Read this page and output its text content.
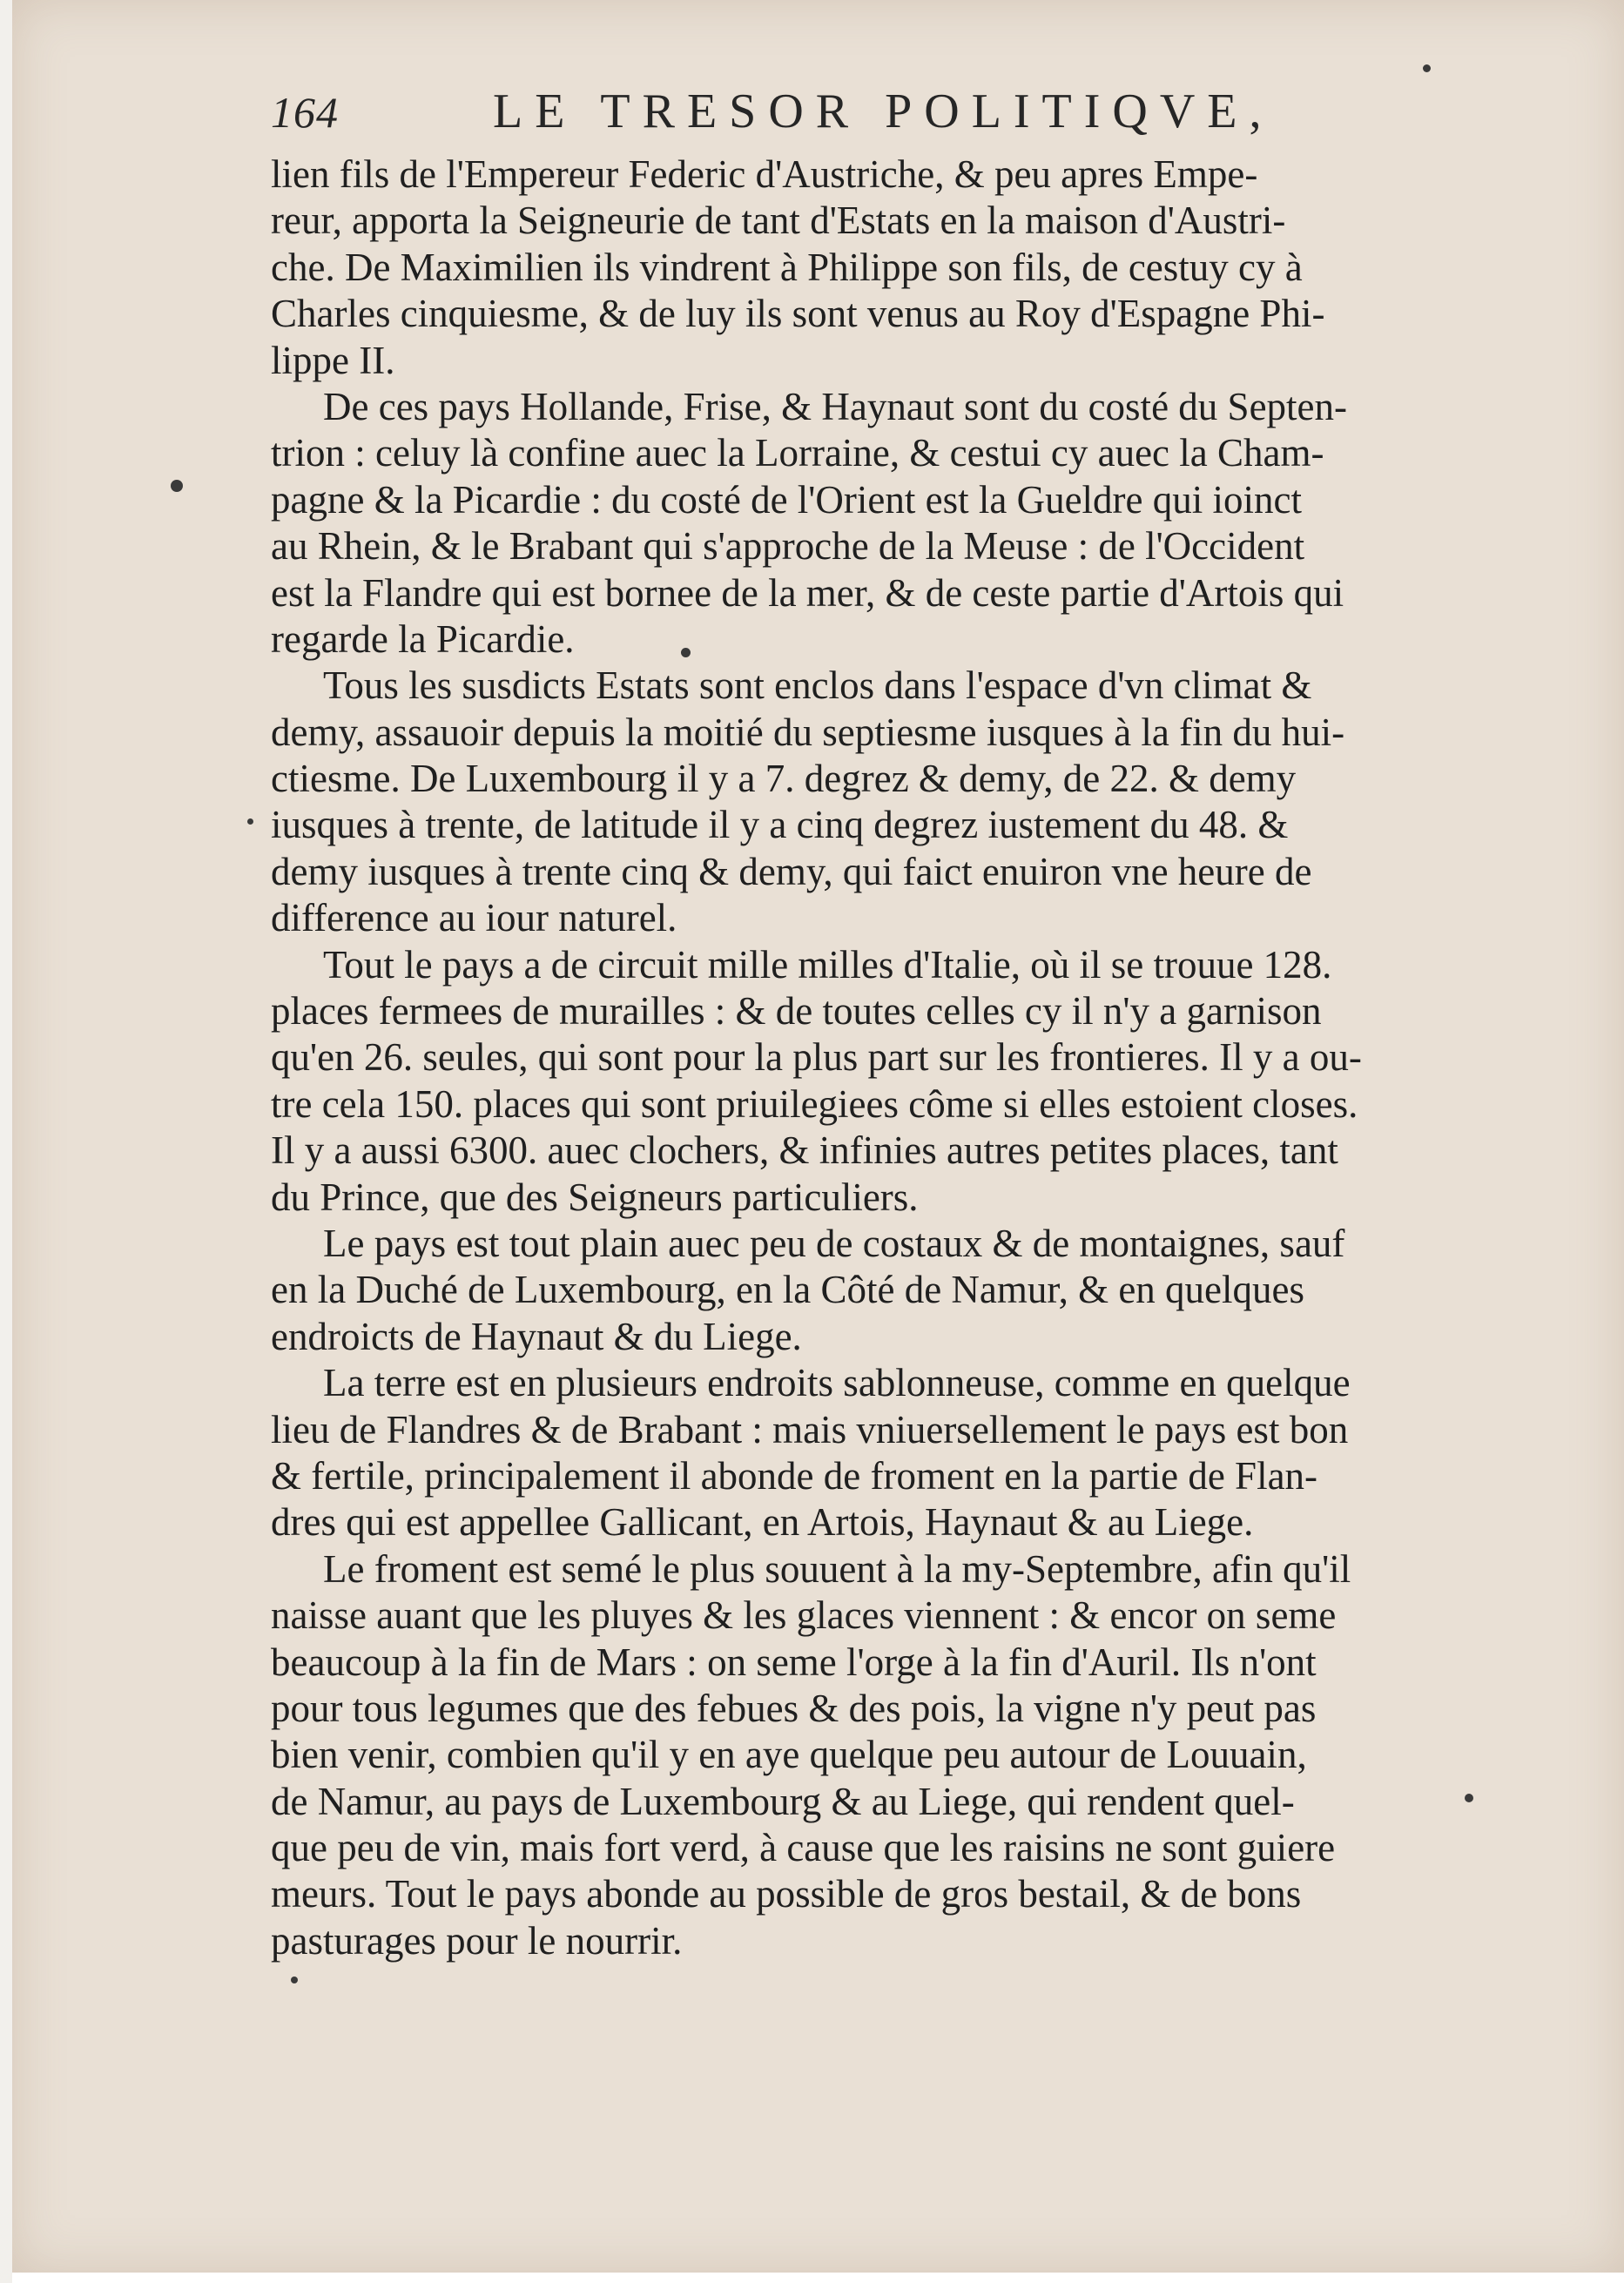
164	LE TRESOR POLITIQVE,
lien fils de l'Empereur Federic d'Austriche, & peu apres Empe-
reur, apporta la Seigneurie de tant d'Estats en la maison d'Austri-
che. De Maximilien ils vindrent à Philippe son fils, de cestuy cy à
Charles cinquiesme, & de luy ils sont venus au Roy d'Espagne Phi-
lippe II.
De ces pays Hollande, Frise, & Haynaut sont du costé du Septen-
trion : celuy là confine auec la Lorraine, & cestui cy auec la Cham-
pagne & la Picardie : du costé de l'Orient est la Gueldre qui ioinct
au Rhein, & le Brabant qui s'approche de la Meuse : de l'Occident
est la Flandre qui est bornee de la mer, & de ceste partie d'Artois qui
regarde la Picardie.
Tous les susdicts Estats sont enclos dans l'espace d'vn climat &
demy, assauoir depuis la moitié du septiesme iusques à la fin du hui-
ctiesme. De Luxembourg il y a 7. degrez & demy, de 22. & demy
iusques à trente, de latitude il y a cinq degrez iustement du 48. &
demy iusques à trente cinq & demy, qui faict enuiron vne heure de
difference au iour naturel.
Tout le pays a de circuit mille milles d'Italie, où il se trouue 128.
places fermees de murailles : & de toutes celles cy il n'y a garnison
qu'en 26. seules, qui sont pour la plus part sur les frontieres. Il y a ou-
tre cela 150. places qui sont priuilegiees côme si elles estoient closes.
Il y a aussi 6300. auec clochers, & infinies autres petites places, tant
du Prince, que des Seigneurs particuliers.
Le pays est tout plain auec peu de costaux & de montaignes, sauf
en la Duché de Luxembourg, en la Côté de Namur, & en quelques
endroicts de Haynaut & du Liege.
La terre est en plusieurs endroits sablonneuse, comme en quelque
lieu de Flandres & de Brabant : mais vniuersellement le pays est bon
& fertile, principalement il abonde de froment en la partie de Flan-
dres qui est appellee Gallicant, en Artois, Haynaut & au Liege.
Le froment est semé le plus souuent à la my-Septembre, afin qu'il
naisse auant que les pluyes & les glaces viennent : & encor on seme
beaucoup à la fin de Mars : on seme l'orge à la fin d'Auril. Ils n'ont
pour tous legumes que des febues & des pois, la vigne n'y peut pas
bien venir, combien qu'il y en aye quelque peu autour de Louuain,
de Namur, au pays de Luxembourg & au Liege, qui rendent quel-
que peu de vin, mais fort verd, à cause que les raisins ne sont guiere
meurs. Tout le pays abonde au possible de gros bestail, & de bons
pasturages pour le nourrir.
